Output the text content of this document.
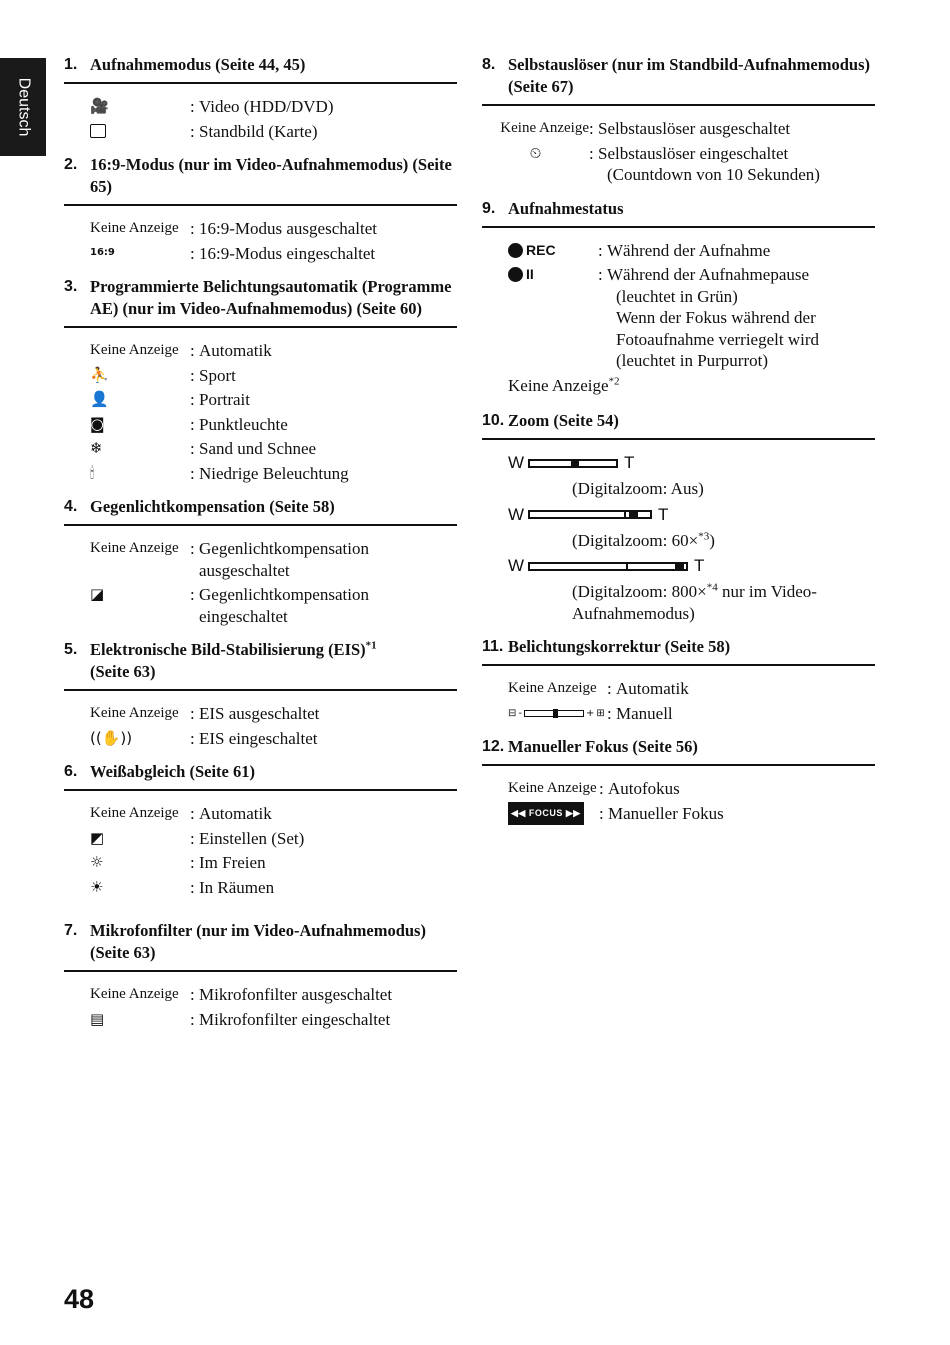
Deutsch
1. Aufnahmemodus (Seite 44, 45)
🎥	: Video (HDD/DVD)
: Standbild (Karte)
2. 16:9-Modus (nur im Video-Aufnahmemodus) (Seite 65)
Keine Anzeige : 16:9-Modus ausgeschaltet
16:9	: 16:9-Modus eingeschaltet
3. Programmierte Belichtungsautomatik (Programme AE) (nur im Video-Aufnahmemodus) (Seite 60)
Keine Anzeige : Automatik
⛹	: Sport
👤	: Portrait
◙	: Punktleuchte
❄	: Sand und Schnee
🕯	: Niedrige Beleuchtung
4. Gegenlichtkompensation (Seite 58)
Keine Anzeige : Gegenlichtkompensation ausgeschaltet
◪	: Gegenlichtkompensation eingeschaltet
5. Elektronische Bild-Stabilisierung (EIS)$^{*1}$
(Seite 63)
Keine Anzeige : EIS ausgeschaltet
((✋))	: EIS eingeschaltet
6. Weißabgleich (Seite 61)
Keine Anzeige : Automatik
◩	: Einstellen (Set)
☼	: Im Freien
☀	: In Räumen
7. Mikrofonfilter (nur im Video-Aufnahmemodus) (Seite 63)
Keine Anzeige : Mikrofonfilter ausgeschaltet
▤	: Mikrofonfilter eingeschaltet
8. Selbstauslöser (nur im Standbild-Aufnahmemodus) (Seite 67)
Keine Anzeige : Selbstauslöser ausgeschaltet
⏲	: Selbstauslöser eingeschaltet
(Countdown von 10 Sekunden)
9. Aufnahmestatus
REC : Während der Aufnahme
II	: Während der Aufnahmepause

(leuchtet in Grün)
Wenn der Fokus während der
Fotoaufnahme verriegelt wird
(leuchtet in Purpurrot)
Keine Anzeige$^{*2}$
10. Zoom (Seite 54)
W	T
(Digitalzoom: Aus)
W	T
(Digitalzoom: 60×$^{*3}$)
W	T
(Digitalzoom: 800×$^{*4}$ nur im Video-Aufnahmemodus)
11. Belichtungskorrektur (Seite 58)
Keine Anzeige : Automatik
⊟ -	+ ⊞ : Manuell
12. Manueller Fokus (Seite 56)
Keine Anzeige : Autofokus
◀◀ FOCUS ▶▶ : Manueller Fokus
48
